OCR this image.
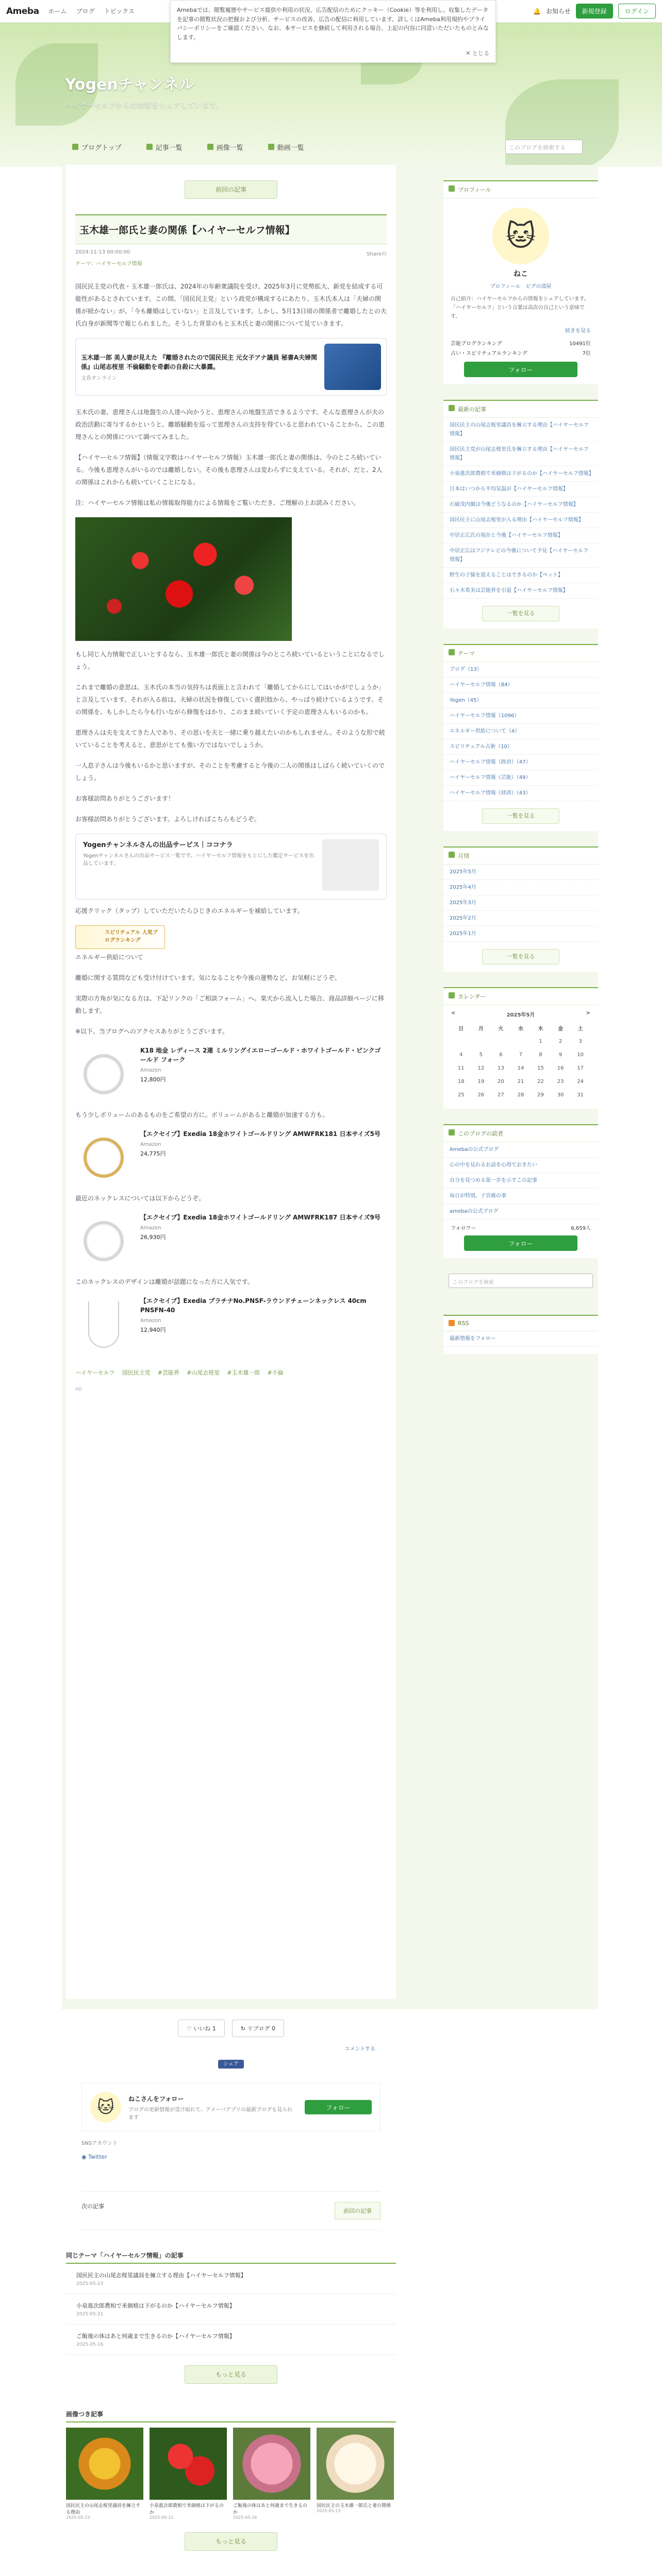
Ameba ホーム ブログ トピックス	🔔 お知らせ	新規登録	ログイン
Amebaでは、閲覧履歴やサービス提供や利用の状況、広告配信のためにクッキー（Cookie）等を利用し、収集したデータを記事の閲覧状況の把握および分析、サービスの改善、広告の配信に利用しています。詳しくはAmeba利用規約やプライバシーポリシーをご確認ください。なお、本サービスを継続して利用される場合、上記の内容に同意いただいたものとみなします。
✕ とじる
Yogenチャンネル
ハイヤーセルフからの情報をシェアしています。
ブログトップ	記事一覧	画像一覧	動画一覧	このブログを検索する
前回の記事
玉木雄一郎氏と妻の関係【ハイヤーセルフ情報】
2024-11-13 00:00:00	Shareの
テーマ：ハイヤーセルフ情報

国民民主党の代表・玉木雄一郎氏は、2024年の年齢衆議院を受け、2025年3月に党勢拡大、新党を結成する可能性があるとされています。この間、「国民民主党」という政党が構成するにあたり、玉木氏本人は「夫婦の関係が続かない」が、「今も離婚はしていない」と言及しています。しかし、5月13日頃の関係者で離婚したとの夫氏自身が新聞等で報じられました。そうした背景のもと玉木氏と妻の関係について見ていきます。

玉木雄一郎 美人妻が見えた 『離婚されたので国民民主 元女子アナ議員 秘書A夫婦関係』山尾志桜里 不倫騒動を奇劇の自殺に大暴露。
文春オンライン

玉木氏の妻、恵理さんは地盤生の人達へ向かうと、恵理さんの地盤生活できるようです。そんな恵理さんが夫の政治活動に寄与するかというと、離婚騒動を巡って恵理さんの支持を得ていると思われていることから、この恵理さんとの関係について調べてみました。

【ハイヤーセルフ情報】（情報文字数はハイヤーセルフ情報）玉木雄一郎氏と妻の関係は、今のところ続いている。今後も恵理さんがいるのでは離婚しない。その後も恵理さんは変わらずに支えている。それが、だと、2人の関係はこれからも続いていくことになる。

注：ハイヤーセルフ情報は私の情報取得能力による情報をご覧いただき、ご理解の上お読みください。

もし同じ入力情報で正しいとするなら、玉木雄一郎氏と妻の関係は今のところ続いているということになるでしょう。

これまで離婚の意思は、玉木氏の本当の気持ちは表面上と言われて「離婚してからにしてはいかがでしょうか」と言及しています。それが入る前は、夫婦の状況を修復していく選択肢から、やっぱり続けているようです。その関係を、もしかしたら今も行いながら修復をはかり、このまま続いていく予定の恵理さんもいるのかも。

恵理さんは夫を支えてきた人であり、その思いを夫と一緒に乗り越えたいのかもしれません。そのような形で続いていることを考えると、意思がとても強い方ではないでしょうか。

一人息子さんは今後もいるかと思いますが、そのことを考慮すると今後の二人の関係はしばらく続いていくのでしょう。

お客様訪問ありがとうございます！

お客様訪問ありがとうございます。よろしければこちらもどうぞ。

Yogenチャンネルさんの出品サービス｜ココナラ
Yogenチャンネルさんの出品サービス一覧です。ハイヤーセルフ情報をもとにした鑑定サービスを出品しています。

応援クリック（タップ）していただいたらひじきのエネルギーを補給しています。

スピリチュアル 人気ブログランキング
エネルギー供給について

離婚に関する質問なども受け付けています。気になることや今後の運勢など、お気軽にどうぞ。

実際の方角が気になる方は、下記リンクの「ご相談フォーム」へ。楽天から流入した場合、商品詳細ページに移動します。

※以下、当ブログへのアクセスありがとうございます。

K18 地金 レディース 2連 ミルリングイエローゴールド・ホワイトゴールド・ピンクゴールド フォーク
Amazon
12,800円

もう少しボリュームのあるものをご希望の方に。ボリュームがあると離婚が加速する方も。

【エクセイブ】Exedia 18金ホワイトゴールドリング AMWFRK181 日本サイズ5号
Amazon
24,775円

最近のネックレスについては以下からどうぞ。

【エクセイブ】Exedia 18金ホワイトゴールドリング AMWFRK187 日本サイズ9号
Amazon
26,930円

このネックレスのデザインは離婚が話題になった方に人気です。

【エクセイブ】Exedia プラチナNo.PNSF-ラウンドチェーンネックレス 40cm PNSFN-40
Amazon
12,940円
ハイヤーセルフ 国民民主党 #芸能界 #山尾志桜里 #玉木雄一郎 #不倫
AD
プロフィール
🐱
ねこ
プロフィール　ピグの部屋
自己紹介：ハイヤーセルフからの情報をシェアしています。「ハイヤーセルフ」という言葉は高次の自己という意味です。
続きを見る
芸能ブログランキング	10491位
占い・スピリチュアルランキング	7位
フォロー
最新の記事
国民民主の山尾志桜里議員を擁立する理由【ハイヤーセルフ情報】
国民民主党が山尾志桜里氏を擁立する理由【ハイヤーセルフ情報】
小泉進次郎農相で米価格は下がるのか【ハイヤーセルフ情報】
日本はいつから平均気温が【ハイヤーセルフ情報】
石破茂内閣は今後どうなるのか【ハイヤーセルフ情報】
国民民主に山尾志桜里が入る理由【ハイヤーセルフ情報】
中居正広氏の現在と今後【ハイヤーセルフ情報】
中居正広はフジテレビの今後について予見【ハイヤーセルフ情報】
野生の子猫を迎えることはできるのか【ペット】
石々木希美は芸能界を引退【ハイヤーセルフ情報】
一覧を見る
テーマ
ブログ（13）
ハイヤーセルフ情報（84）
Yogen（45）
ハイヤーセルフ情報（1096）
エネルギー供給について（4）
スピリチュアル占術（10）
ハイヤーセルフ情報（政治）（47）
ハイヤーセルフ情報（芸能）（49）
ハイヤーセルフ情報（経済）（43）
一覧を見る
月別
2025年5月
2025年4月
2025年3月
2025年2月
2025年1月
一覧を見る
カレンダー
<	2025年5月	>
日	月	火	水	木	金	土
				1	2	3
4	5	6	7	8	9	10
11	12	13	14	15	16	17
18	19	20	21	22	23	24
25	26	27	28	29	30	31
このブログの読者
Amebaの公式ブログ
心の中を見れるお話を心得ておきたい
自分を見つめる第一歩を示すこの記事
毎日が特別。子宮癌の事
amebaの公式ブログ
フォロワー	6,659人
フォロー
このブログを検索
RSS
最新情報をフォロー
♡ いいね 1	↻ リブログ 0
コメントする
シェア
🐱	ねこさんをフォロー
ブログの更新情報が受け取れて、アメーバアプリの最新ブログも見られます
フォロー
SNSアカウント
◉ Twitter
次の記事
前回の記事
同じテーマ「ハイヤーセルフ情報」の記事
国民民主の山尾志桜里議員を擁立する理由【ハイヤーセルフ情報】
2025-05-23
小泉進次郎農相で米価格は下がるのか【ハイヤーセルフ情報】
2025-05-21
ご飯後の体はあと何歳まで生きるのか【ハイヤーセルフ情報】
2025-05-16
もっと見る
画像つき記事
国民民主の山尾志桜里議員を擁立する理由
2025-05-23
小泉進次郎農相で米価格は下がるのか
2025-05-21
ご飯後の体はあと何歳まで生きるのか
2025-05-16
国民民主の玉木雄一郎氏と妻の関係
2025-05-13
もっと見る
